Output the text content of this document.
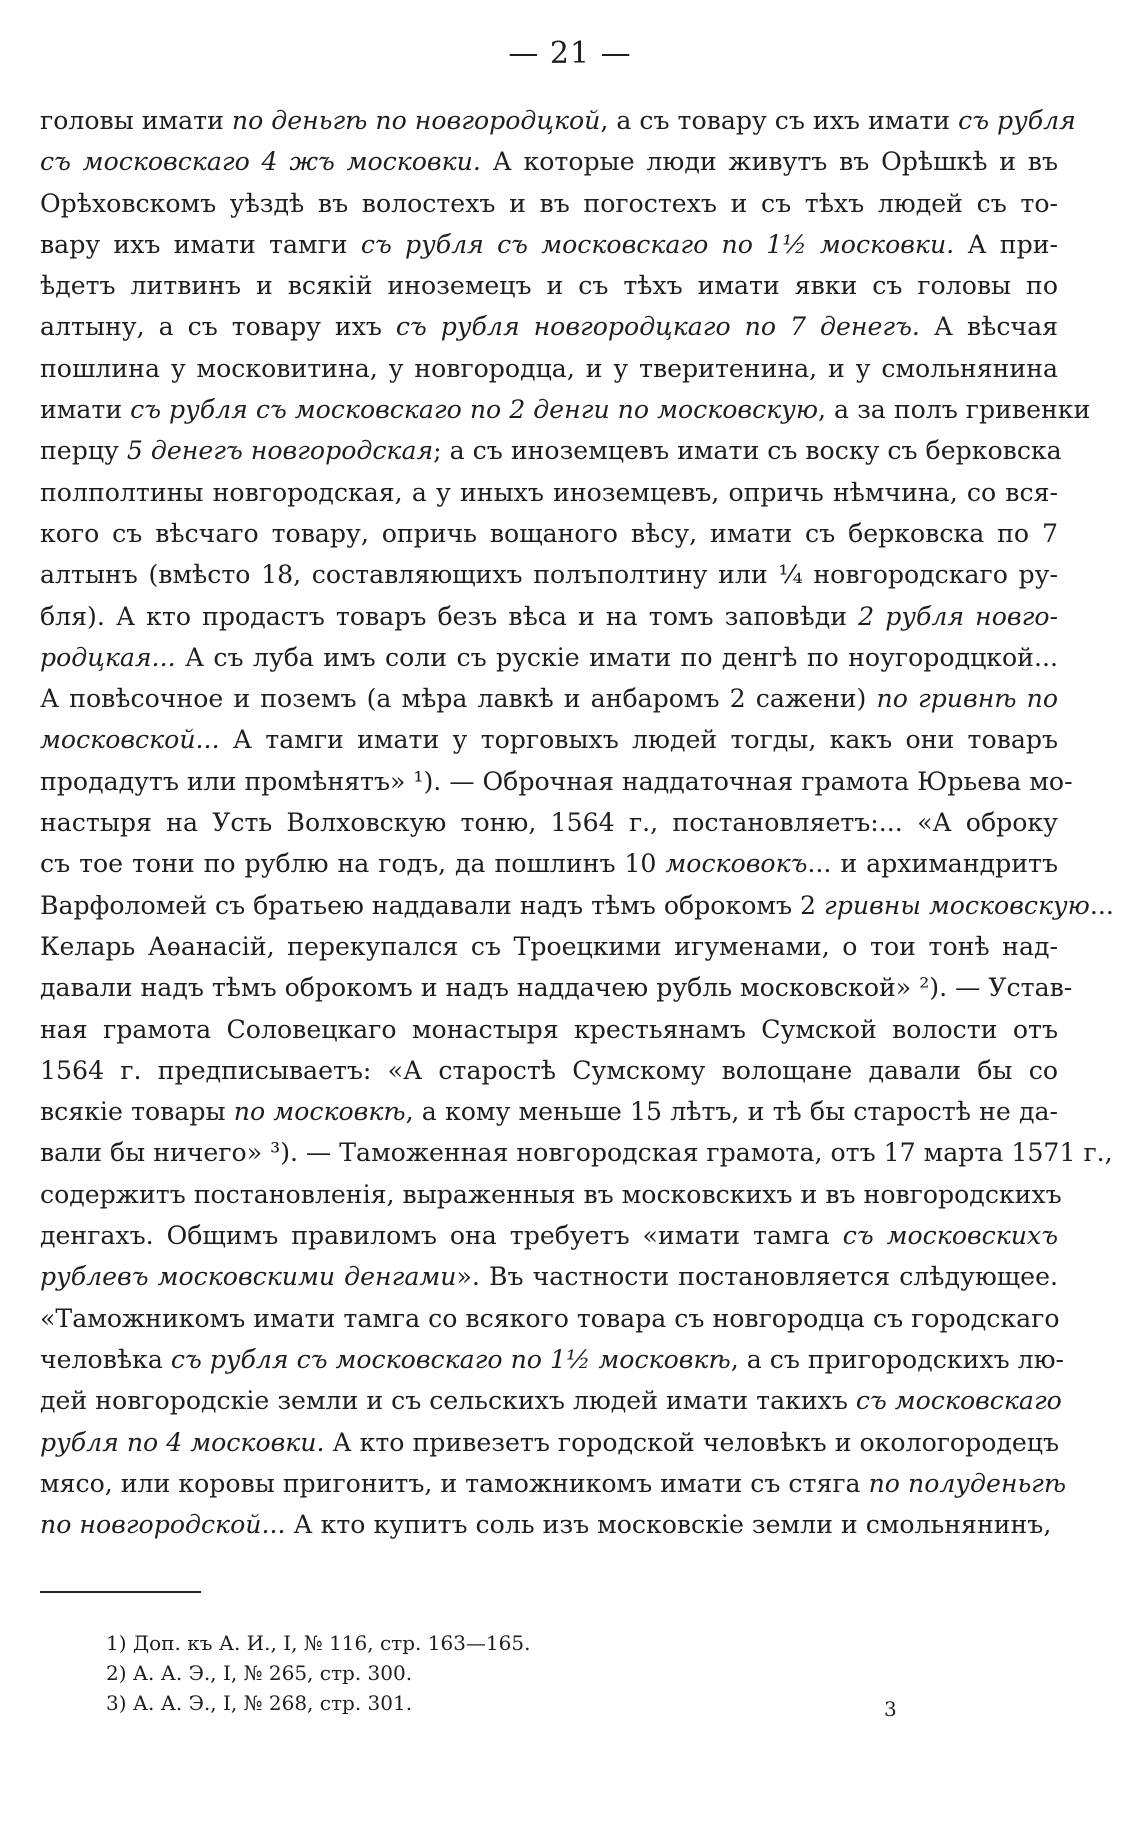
— 21 —
головы имати по деньгѣ по новгородцкой, а съ товару съ ихъ имати съ рубля
съ московскаго 4 жъ московки. А которые люди живутъ въ Орѣшкѣ и въ
Орѣховскомъ уѣздѣ въ волостехъ и въ погостехъ и съ тѣхъ людей съ то-
вару ихъ имати тамги съ рубля съ московскаго по 1½ московки. А при-
ѣдетъ литвинъ и всякій иноземецъ и съ тѣхъ имати явки съ головы по
алтыну, а съ товару ихъ съ рубля новгородцкаго по 7 денегъ. А вѣсчая
пошлина у московитина, у новгородца, и у тверитенина, и у смольнянина
имати съ рубля съ московскаго по 2 денги по московскую, а за полъ гривенки
перцу 5 денегъ новгородская; а съ иноземцевъ имати съ воску съ берковска
полполтины новгородская, а у иныхъ иноземцевъ, опричь нѣмчина, со вся-
кого съ вѣсчаго товару, опричь вощаного вѣсу, имати съ берковска по 7
алтынъ (вмѣсто 18, составляющихъ полъполтину или ¼ новгородскаго ру-
бля). А кто продастъ товаръ безъ вѣса и на томъ заповѣди 2 рубля новго-
родцкая... А съ луба имъ соли съ рускіе имати по денгѣ по ноугородцкой...
А повѣсочное и поземъ (а мѣра лавкѣ и анбаромъ 2 сажени) по гривнѣ по
московской... А тамги имати у торговыхъ людей тогды, какъ они товаръ
продадутъ или промѣнятъ» ¹). — Оброчная наддаточная грамота Юрьева мо-
настыря на Усть Волховскую тоню, 1564 г., постановляетъ:... «А оброку
съ тое тони по рублю на годъ, да пошлинъ 10 московокъ... и архимандритъ
Варфоломей съ братьею наддавали надъ тѣмъ оброкомъ 2 гривны московскую...
Келарь Аѳанасій, перекупался съ Троецкими игуменами, о тои тонѣ над-
давали надъ тѣмъ оброкомъ и надъ наддачею рубль московской» ²). — Устав-
ная грамота Соловецкаго монастыря крестьянамъ Сумской волости отъ
1564 г. предписываетъ: «А старостѣ Сумскому волощане давали бы со
всякіе товары по московкѣ, а кому меньше 15 лѣтъ, и тѣ бы старостѣ не да-
вали бы ничего» ³). — Таможенная новгородская грамота, отъ 17 марта 1571 г.,
содержитъ постановленія, выраженныя въ московскихъ и въ новгородскихъ
денгахъ. Общимъ правиломъ она требуетъ «имати тамга съ московскихъ
рублевъ московскими денгами». Въ частности постановляется слѣдующее.
«Таможникомъ имати тамга со всякого товара съ новгородца съ городскаго
человѣка съ рубля съ московскаго по 1½ московкѣ, а съ пригородскихъ лю-
дей новгородскіе земли и съ сельскихъ людей имати такихъ съ московскаго
рубля по 4 московки. А кто привезетъ городской человѣкъ и окологородецъ
мясо, или коровы пригонитъ, и таможникомъ имати съ стяга по полуденьгѣ
по новгородской... А кто купитъ соль изъ московскіе земли и смольнянинъ,
1) Доп. къ А. И., I, № 116, стр. 163—165.
2) А. А. Э., I, № 265, стр. 300.
3) А. А. Э., I, № 268, стр. 301.	3
